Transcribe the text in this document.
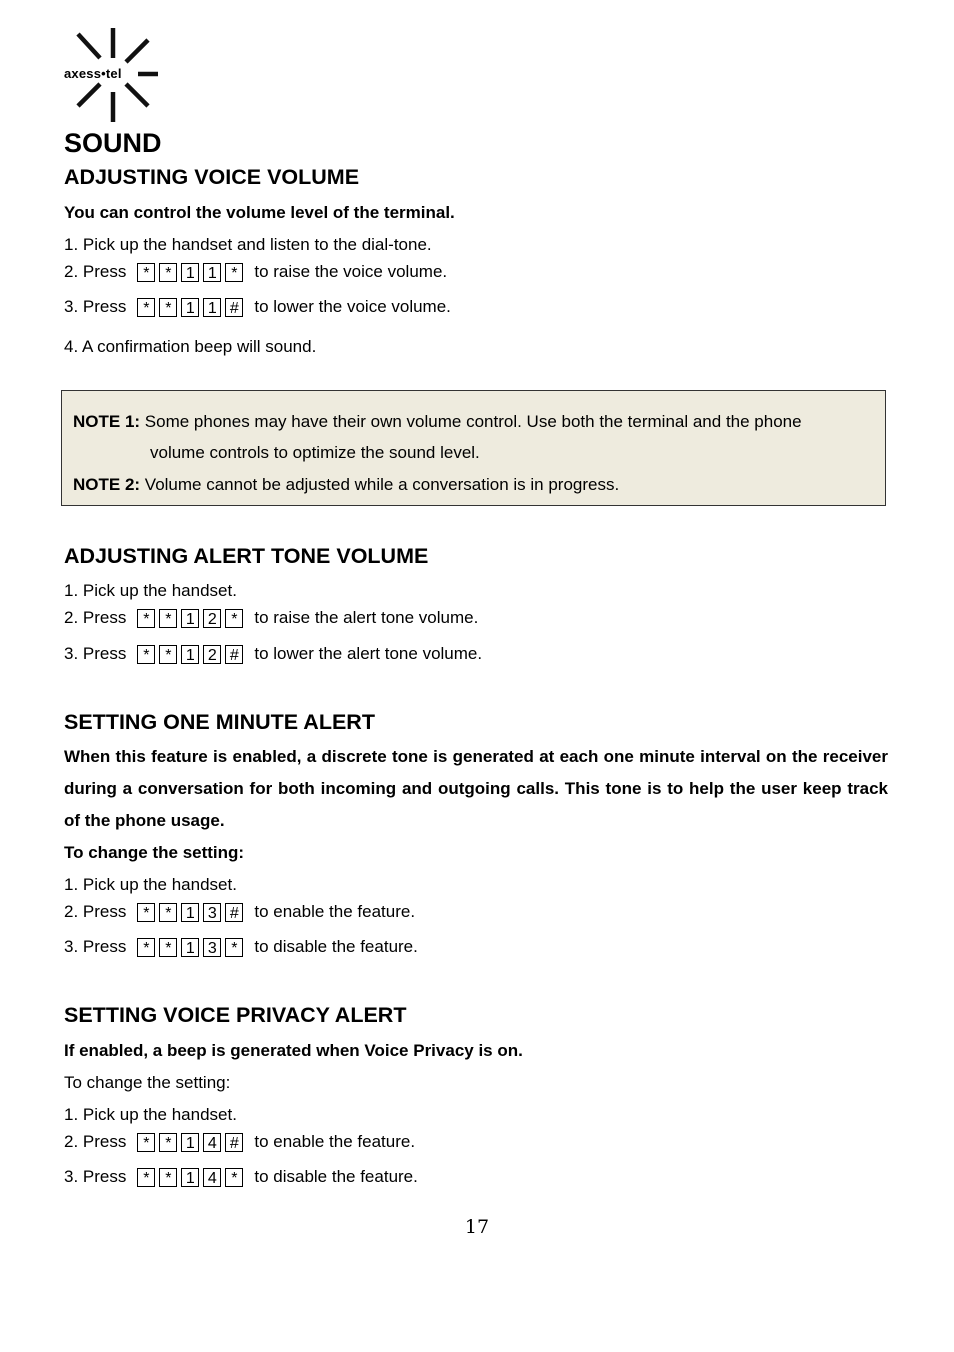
axess•tel
SOUND
ADJUSTING VOICE VOLUME
You can control the volume level of the terminal.
1. Pick up the handset and listen to the dial-tone.
2. Press	* * 1 1 * to raise the voice volume.
3. Press	* * 1 1 # to lower the voice volume.
4. A confirmation beep will sound.
NOTE 1: Some phones may have their own volume control. Use both the terminal and the phone
volume controls to optimize the sound level.
NOTE 2: Volume cannot be adjusted while a conversation is in progress.
ADJUSTING ALERT TONE VOLUME
1. Pick up the handset.
2. Press	* * 1 2 * to raise the alert tone volume.
3. Press	* * 1 2 # to lower the alert tone volume.
SETTING ONE MINUTE ALERT
When this feature is enabled, a discrete tone is generated at each one minute interval on the receiver during a conversation for both incoming and outgoing calls. This tone is to help the user keep track of the phone usage.
To change the setting:
1. Pick up the handset.
2. Press	* * 1 3 # to enable the feature.
3. Press	* * 1 3 * to disable the feature.
SETTING VOICE PRIVACY ALERT
If enabled, a beep is generated when Voice Privacy is on.
To change the setting:
1. Pick up the handset.
2. Press	* * 1 4 # to enable the feature.
3. Press	* * 1 4 * to disable the feature.
17
